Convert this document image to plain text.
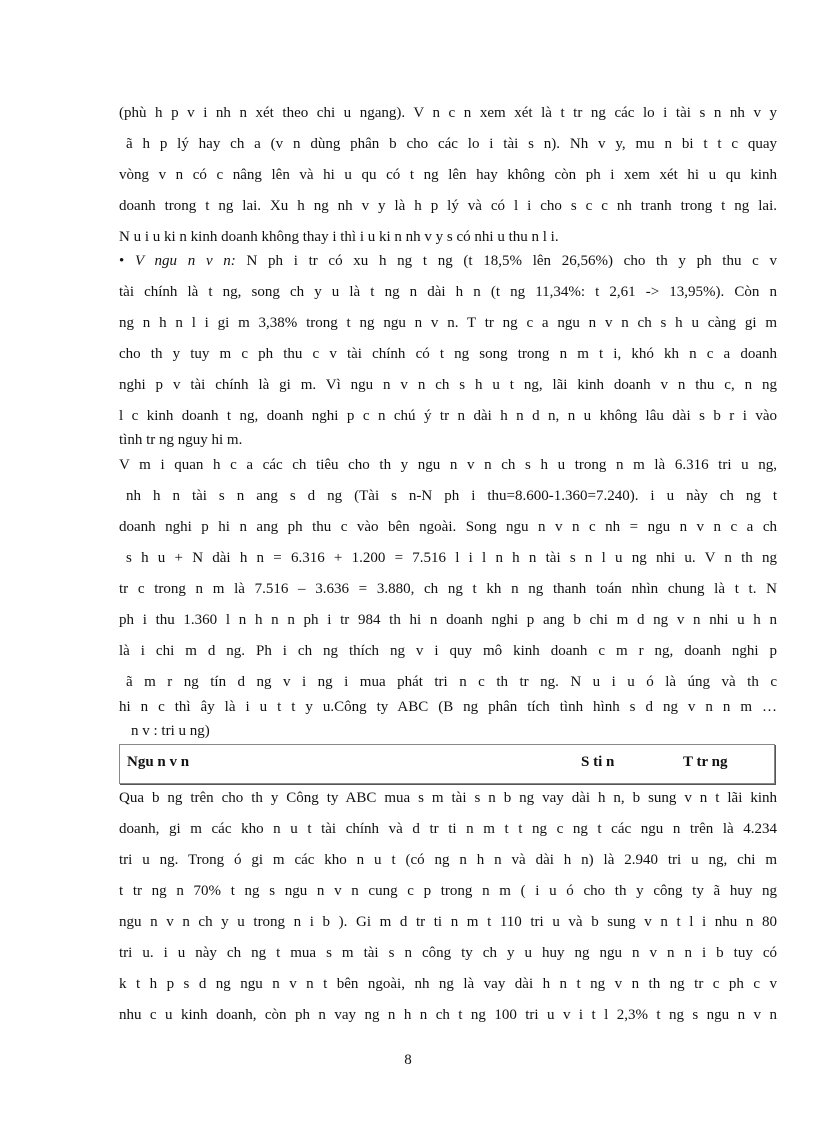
(phù h p v i nh n xét theo chi u ngang). V n c n xem xét là t tr ng các lo i tài s n nh v y
ã h p lý hay ch a (v n dùng phân b cho các lo i tài s n). Nh v y, mu n bi t t c quay
vòng v n có c nâng lên và hi u qu có t ng lên hay không còn ph i xem xét hi u qu kinh
doanh trong t ng lai. Xu h ng nh v y là h p lý và có l i cho s c c nh tranh trong t ng lai.
N u i u ki n kinh doanh không thay i thì i u ki n nh v y s có nhi u thu n l i.
• V ngu n v n: N ph i tr có xu h ng t ng (t 18,5% lên 26,56%) cho th y ph thu c v
tài chính là t ng, song ch y u là t ng n dài h n (t ng 11,34%: t 2,61 -> 13,95%). Còn n
ng n h n l i gi m 3,38% trong t ng ngu n v n. T tr ng c a ngu n v n ch s h u càng gi m
cho th y tuy m c ph thu c v tài chính có t ng song trong n m t i, khó kh n c a doanh
nghi p v tài chính là gi m. Vì ngu n v n ch s h u t ng, lãi kinh doanh v n thu c, n ng
l c kinh doanh t ng, doanh nghi p c n chú ý tr n dài h n d n, n u không lâu dài s b r i vào
tình tr ng nguy hi m.
V m i quan h c a các ch tiêu cho th y ngu n v n ch s h u trong n m là 6.316 tri u ng,
nh h n tài s n ang s d ng (Tài s n-N ph i thu=8.600-1.360=7.240). i u này ch ng t
doanh nghi p hi n ang ph thu c vào bên ngoài. Song ngu n v n c nh = ngu n v n c a ch
s h u + N dài h n = 6.316 + 1.200 = 7.516 l i l n h n tài s n l u ng nhi u. V n th ng
tr c trong n m là 7.516 – 3.636 = 3.880, ch ng t kh n ng thanh toán nhìn chung là t t. N
ph i thu 1.360 l n h n n ph i tr 984 th hi n doanh nghi p ang b chi m d ng v n nhi u h n
là i chi m d ng. Ph i ch ng thích ng v i quy mô kinh doanh c m r ng, doanh nghi p
ã m r ng tín d ng v i ng i mua phát tri n c th tr ng. N u i u ó là úng và th c
hi n c thì ây là i u t t y u.Công ty ABC (B ng phân tích tình hình s d ng v n n m …
n v : tri u ng)
Ngu n v n	S ti n	T tr ng
Qua b ng trên cho th y Công ty ABC mua s m tài s n b ng vay dài h n, b sung v n t lãi kinh
doanh, gi m các kho n u t tài chính và d tr ti n m t t ng c ng t các ngu n trên là 4.234
tri u ng. Trong ó gi m các kho n u t (có ng n h n và dài h n) là 2.940 tri u ng, chi m
t tr ng n 70% t ng s ngu n v n cung c p trong n m ( i u ó cho th y công ty ã huy ng
ngu n v n ch y u trong n i b ). Gi m d tr ti n m t 110 tri u và b sung v n t l i nhu n 80
tri u. i u này ch ng t mua s m tài s n công ty ch y u huy ng ngu n v n n i b tuy có
k t h p s d ng ngu n v n t bên ngoài, nh ng là vay dài h n t ng v n th ng tr c ph c v
nhu c u kinh doanh, còn ph n vay ng n h n ch t ng 100 tri u v i t l 2,3% t ng s ngu n v n
8
